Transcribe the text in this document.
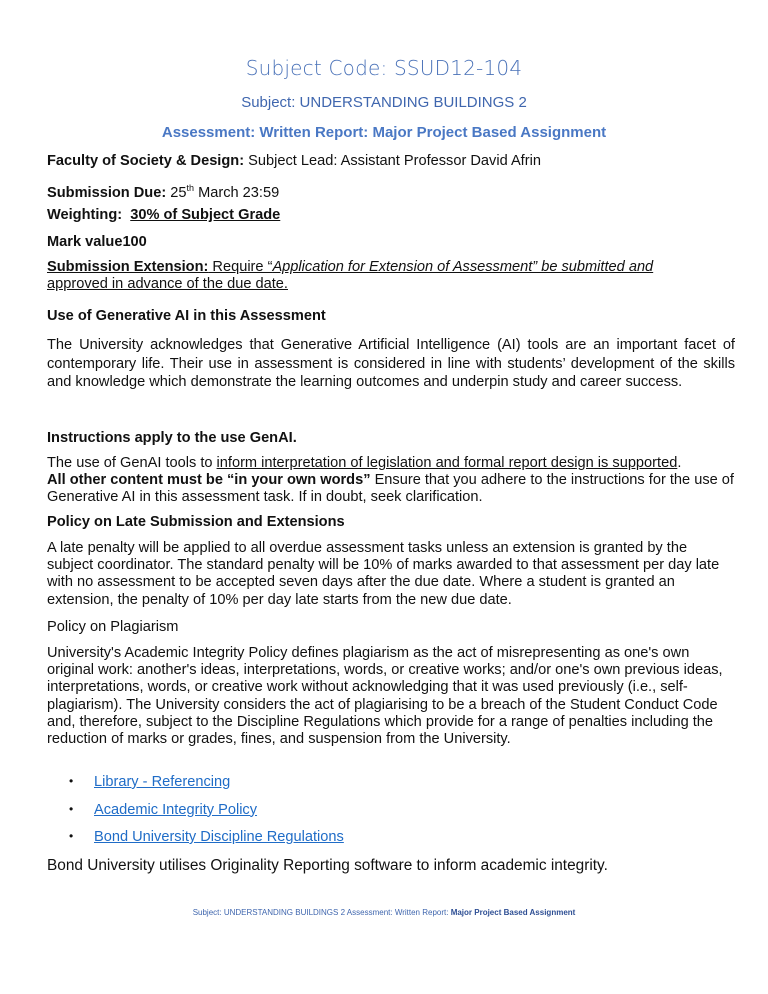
Subject Code: SSUD12-104
Subject: UNDERSTANDING BUILDINGS 2
Assessment: Written Report: Major Project Based Assignment
Faculty of Society & Design: Subject Lead: Assistant Professor David Afrin
Submission Due: 25th March 23:59
Weighting: 30% of Subject Grade
Mark value100
Submission Extension: Require “Application for Extension of Assessment” be submitted and
approved in advance of the due date.
Use of Generative AI in this Assessment
The University acknowledges that Generative Artificial Intelligence (AI) tools are an important facet of contemporary life. Their use in assessment is considered in line with students’ development of the skills and knowledge which demonstrate the learning outcomes and underpin study and career success.
Instructions apply to the use GenAI.
The use of GenAI tools to inform interpretation of legislation and formal report design is supported.
All other content must be “in your own words” Ensure that you adhere to the instructions for the use of Generative AI in this assessment task. If in doubt, seek clarification.
Policy on Late Submission and Extensions
A late penalty will be applied to all overdue assessment tasks unless an extension is granted by the subject coordinator. The standard penalty will be 10% of marks awarded to that assessment per day late with no assessment to be accepted seven days after the due date. Where a student is granted an extension, the penalty of 10% per day late starts from the new due date.
Policy on Plagiarism
University's Academic Integrity Policy defines plagiarism as the act of misrepresenting as one's own original work: another's ideas, interpretations, words, or creative works; and/or one's own previous ideas, interpretations, words, or creative work without acknowledging that it was used previously (i.e., self-plagiarism). The University considers the act of plagiarising to be a breach of the Student Conduct Code and, therefore, subject to the Discipline Regulations which provide for a range of penalties including the reduction of marks or grades, fines, and suspension from the University.
• Library - Referencing
• Academic Integrity Policy
• Bond University Discipline Regulations
Bond University utilises Originality Reporting software to inform academic integrity.
Subject: UNDERSTANDING BUILDINGS 2 Assessment: Written Report: Major Project Based Assignment
